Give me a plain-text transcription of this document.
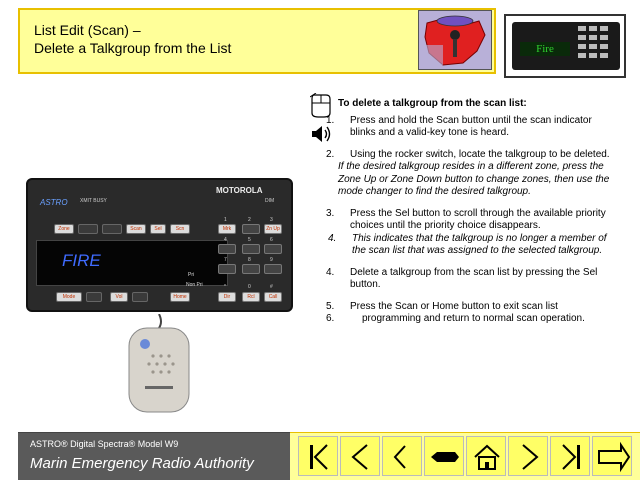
List Edit (Scan) –
Delete a Talkgroup from the List	Fire

To delete a talkgroup from the scan list:

1. Press and hold the Scan button until the scan indicator blinks and a valid-key tone is heard.

2. Using the rocker switch, locate the talkgroup to be deleted.

If the desired talkgroup resides in a different zone, press the Zone Up or Zone Down button to change zones, then use the mode changer to find the desired talkgroup.

3. Press the Sel button to scroll through the available priority choices until the priority choice disappears.

4. This indicates that the talkgroup is no longer a member of the scan list that was assigned to the selected talkgroup.

4. Delete a talkgroup from the scan list by pressing the Sel button.

5. Press the Scan or Home button to exit scan list

6.	programming and return to normal scan operation.

ASTRO XMIT BUSY
MOTOROLA
DIM
Zone	Scan	Sel	Scn
FIRE
Pri
Non Pri
Mode	Vol	Home
Mrk	Zn Up
Dir	Rcl	Call
1	2	3
4	5	6
7	8	9
*	0	#
ASTRO® Digital Spectra® Model W9
Marin Emergency Radio Authority
